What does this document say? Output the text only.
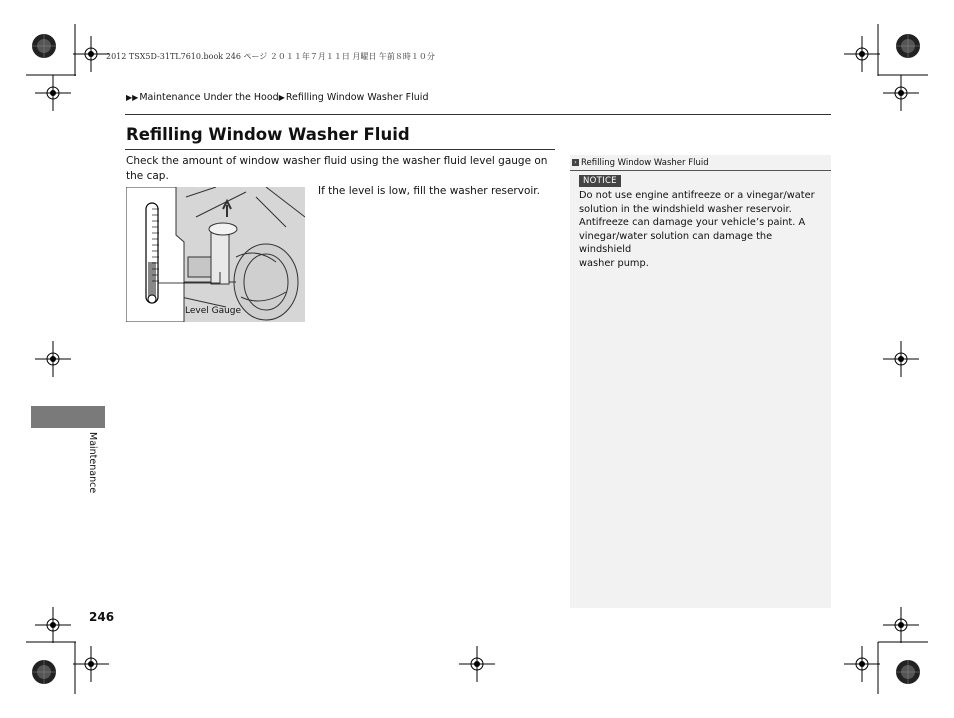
2012 TSX5D-31TL7610.book 246 ページ ２０１１年７月１１日 月曜日 午前８時１０分
▶▶ Maintenance Under the Hood ▶ Refilling Window Washer Fluid
Refilling Window Washer Fluid

Check the amount of window washer fluid using the washer fluid level gauge on the cap.

Level Gauge

If the level is low, fill the washer reservoir.

› Refilling Window Washer Fluid
NOTICE
Do not use engine antifreeze or a vinegar/water
solution in the windshield washer reservoir.
Antifreeze can damage your vehicle’s paint. A
vinegar/water solution can damage the windshield
washer pump.
Maintenance
246
